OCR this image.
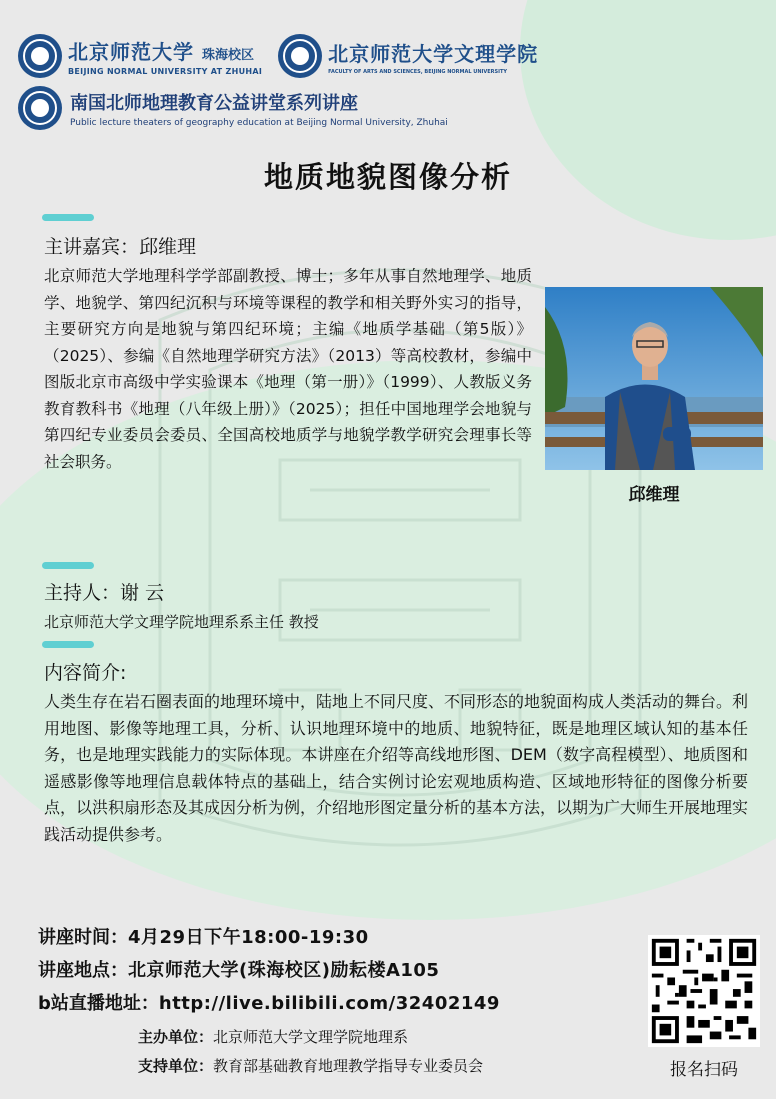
北京师范大学 珠海校区
BEIJING NORMAL UNIVERSITY AT ZHUHAI
北京师范大学文理学院
FACULTY OF ARTS AND SCIENCES, BEIJING NORMAL UNIVERSITY
南国北师地理教育公益讲堂系列讲座
Public lecture theaters of geography education at Beijing Normal University, Zhuhai
地质地貌图像分析
主讲嘉宾：邱维理
北京师范大学地理科学学部副教授、博士；多年从事自然地理学、地质学、地貌学、第四纪沉积与环境等课程的教学和相关野外实习的指导，主要研究方向是地貌与第四纪环境；主编《地质学基础（第5版）》（2025）、参编《自然地理学研究方法》（2013）等高校教材，参编中图版北京市高级中学实验课本《地理（第一册）》（1999）、人教版义务教育教科书《地理（八年级上册）》（2025）；担任中国地理学会地貌与第四纪专业委员会委员、全国高校地质学与地貌学教学研究会理事长等社会职务。
邱维理
主持人：谢 云
北京师范大学文理学院地理系系主任 教授
内容简介:
人类生存在岩石圈表面的地理环境中，陆地上不同尺度、不同形态的地貌面构成人类活动的舞台。利用地图、影像等地理工具，分析、认识地理环境中的地质、地貌特征，既是地理区域认知的基本任务，也是地理实践能力的实际体现。本讲座在介绍等高线地形图、DEM（数字高程模型）、地质图和遥感影像等地理信息载体特点的基础上，结合实例讨论宏观地质构造、区域地形特征的图像分析要点，以洪积扇形态及其成因分析为例，介绍地形图定量分析的基本方法，以期为广大师生开展地理实践活动提供参考。
讲座时间：4月29日下午18:00-19:30
讲座地点：北京师范大学(珠海校区)励耘楼A105
b站直播地址：http://live.bilibili.com/32402149
主办单位：北京师范大学文理学院地理系
支持单位：教育部基础教育地理教学指导专业委员会	报名扫码
